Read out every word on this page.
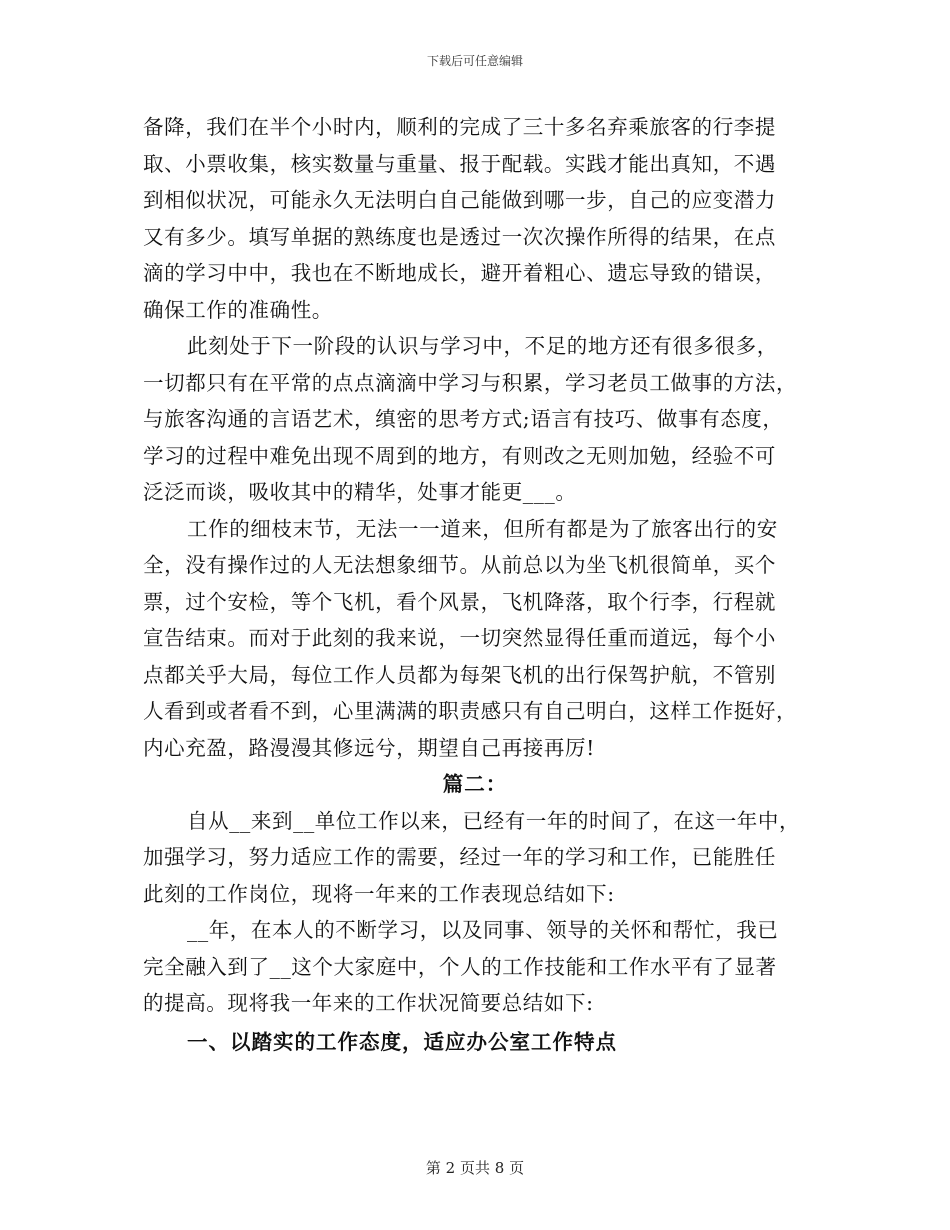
下载后可任意编辑

备降，我们在半个小时内，顺利的完成了三十多名弃乘旅客的行李提
取、小票收集，核实数量与重量、报于配载。实践才能出真知，不遇
到相似状况，可能永久无法明白自己能做到哪一步，自己的应变潜力
又有多少。填写单据的熟练度也是透过一次次操作所得的结果，在点
滴的学习中中，我也在不断地成长，避开着粗心、遗忘导致的错误，
确保工作的准确性。

此刻处于下一阶段的认识与学习中，不足的地方还有很多很多，
一切都只有在平常的点点滴滴中学习与积累，学习老员工做事的方法，
与旅客沟通的言语艺术，缜密的思考方式;语言有技巧、做事有态度，
学习的过程中难免出现不周到的地方，有则改之无则加勉，经验不可
泛泛而谈，吸收其中的精华，处事才能更___。

工作的细枝末节，无法一一道来，但所有都是为了旅客出行的安
全，没有操作过的人无法想象细节。从前总以为坐飞机很简单，买个
票，过个安检，等个飞机，看个风景，飞机降落，取个行李，行程就
宣告结束。而对于此刻的我来说，一切突然显得任重而道远，每个小
点都关乎大局，每位工作人员都为每架飞机的出行保驾护航，不管别
人看到或者看不到，心里满满的职责感只有自己明白，这样工作挺好，
内心充盈，路漫漫其修远兮，期望自己再接再厉!

篇二：

自从__来到__单位工作以来，已经有一年的时间了，在这一年中，
加强学习，努力适应工作的需要，经过一年的学习和工作，已能胜任
此刻的工作岗位，现将一年来的工作表现总结如下:

__年，在本人的不断学习，以及同事、领导的关怀和帮忙，我已
完全融入到了__这个大家庭中，个人的工作技能和工作水平有了显著
的提高。现将我一年来的工作状况简要总结如下:

一、以踏实的工作态度，适应办公室工作特点

第 2 页共 8 页
